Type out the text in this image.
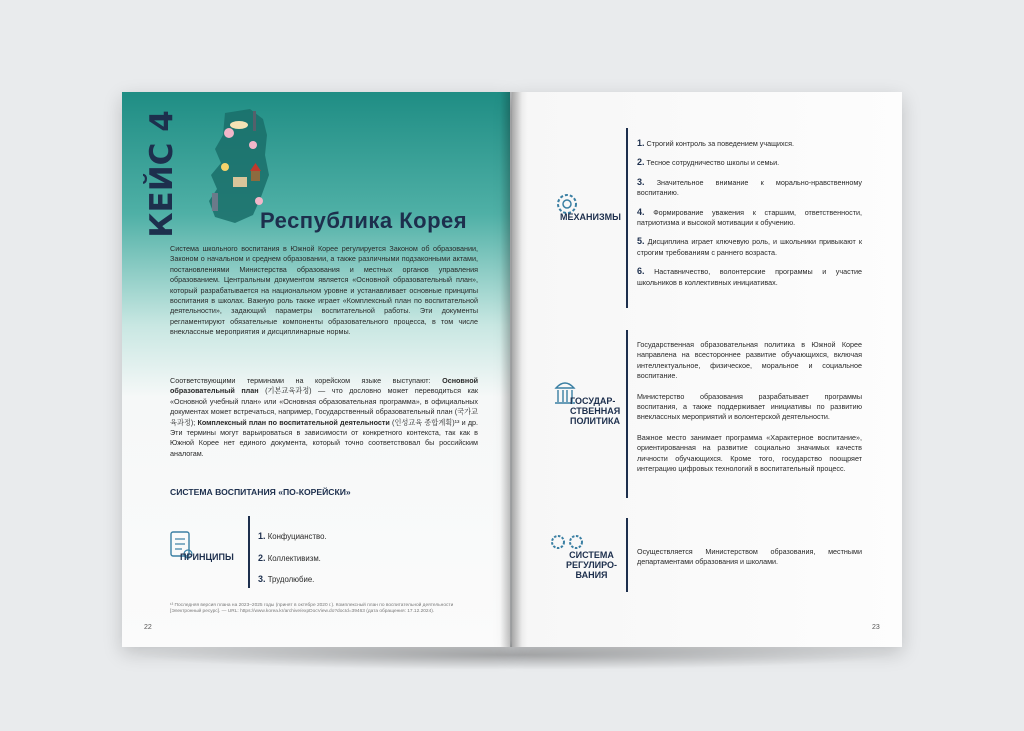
КЕЙС 4	Республика Корея
Система школьного воспитания в Южной Корее регулируется Законом об образовании, Законом о начальном и среднем образовании, а также различными подзаконными актами, постановлениями Министерства образования и местных органов управления образованием. Центральным документом является «Основной образовательный план», который разрабатывается на национальном уровне и устанавливает основные принципы воспитания в школах. Важную роль также играет «Комплексный план по воспитательной деятельности», задающий параметры воспитательной работы. Эти документы регламентируют обязательные компоненты образовательного процесса, в том числе внеклассные мероприятия и дисциплинарные нормы.
Соответствующими терминами на корейском языке выступают: Основной образовательный план (기본교육과정) — что дословно может переводиться как «Основной учебный план» или «Основная образовательная программа», в официальных документах может встречаться, например, Государственный образовательный план (국가교육과정); Комплексный план по воспитательной деятельности (인성교육 종합계획)¹³ и др. Эти термины могут варьироваться в зависимости от конкретного контекста, так как в Южной Корее нет единого документа, который точно соответствовал бы российским аналогам.
СИСТЕМА ВОСПИТАНИЯ «ПО-КОРЕЙСКИ»
ПРИНЦИПЫ
1. Конфуцианство.
2. Коллективизм.
3. Трудолюбие.
¹³ Последняя версия плана на 2023–2025 годы (принят в октябре 2020 г.). Комплексный план по воспитательной деятельности [Электронный ресурс]. — URL: https://www.korea.kr/archive/expDocView.do?docId=39463 (дата обращения: 17.12.2024).
22
МЕХАНИЗМЫ

1. Строгий контроль за поведением учащихся.

2. Тесное сотрудничество школы и семьи.

3. Значительное внимание к морально-нравственному воспитанию.

4. Формирование уважения к старшим, ответственности, патриотизма и высокой мотивации к обучению.

5. Дисциплина играет ключевую роль, и школьники привыкают к строгим требованиям с раннего возраста.

6. Наставничество, волонтерские программы и участие школьников в коллективных инициативах.

ГОСУДАР-
СТВЕННАЯ
ПОЛИТИКА

Государственная образовательная политика в Южной Корее направлена на всестороннее развитие обучающихся, включая интеллектуальное, физическое, моральное и социальное воспитание.

Министерство образования разрабатывает программы воспитания, а также поддерживает инициативы по развитию внеклассных мероприятий и волонтерской деятельности.

Важное место занимает программа «Характерное воспитание», ориентированная на развитие социально значимых качеств личности обучающихся. Кроме того, государство поощряет интеграцию цифровых технологий в воспитательный процесс.

СИСТЕМА
РЕГУЛИРО-
ВАНИЯ

Осуществляется Министерством образования, местными департаментами образования и школами.

23
